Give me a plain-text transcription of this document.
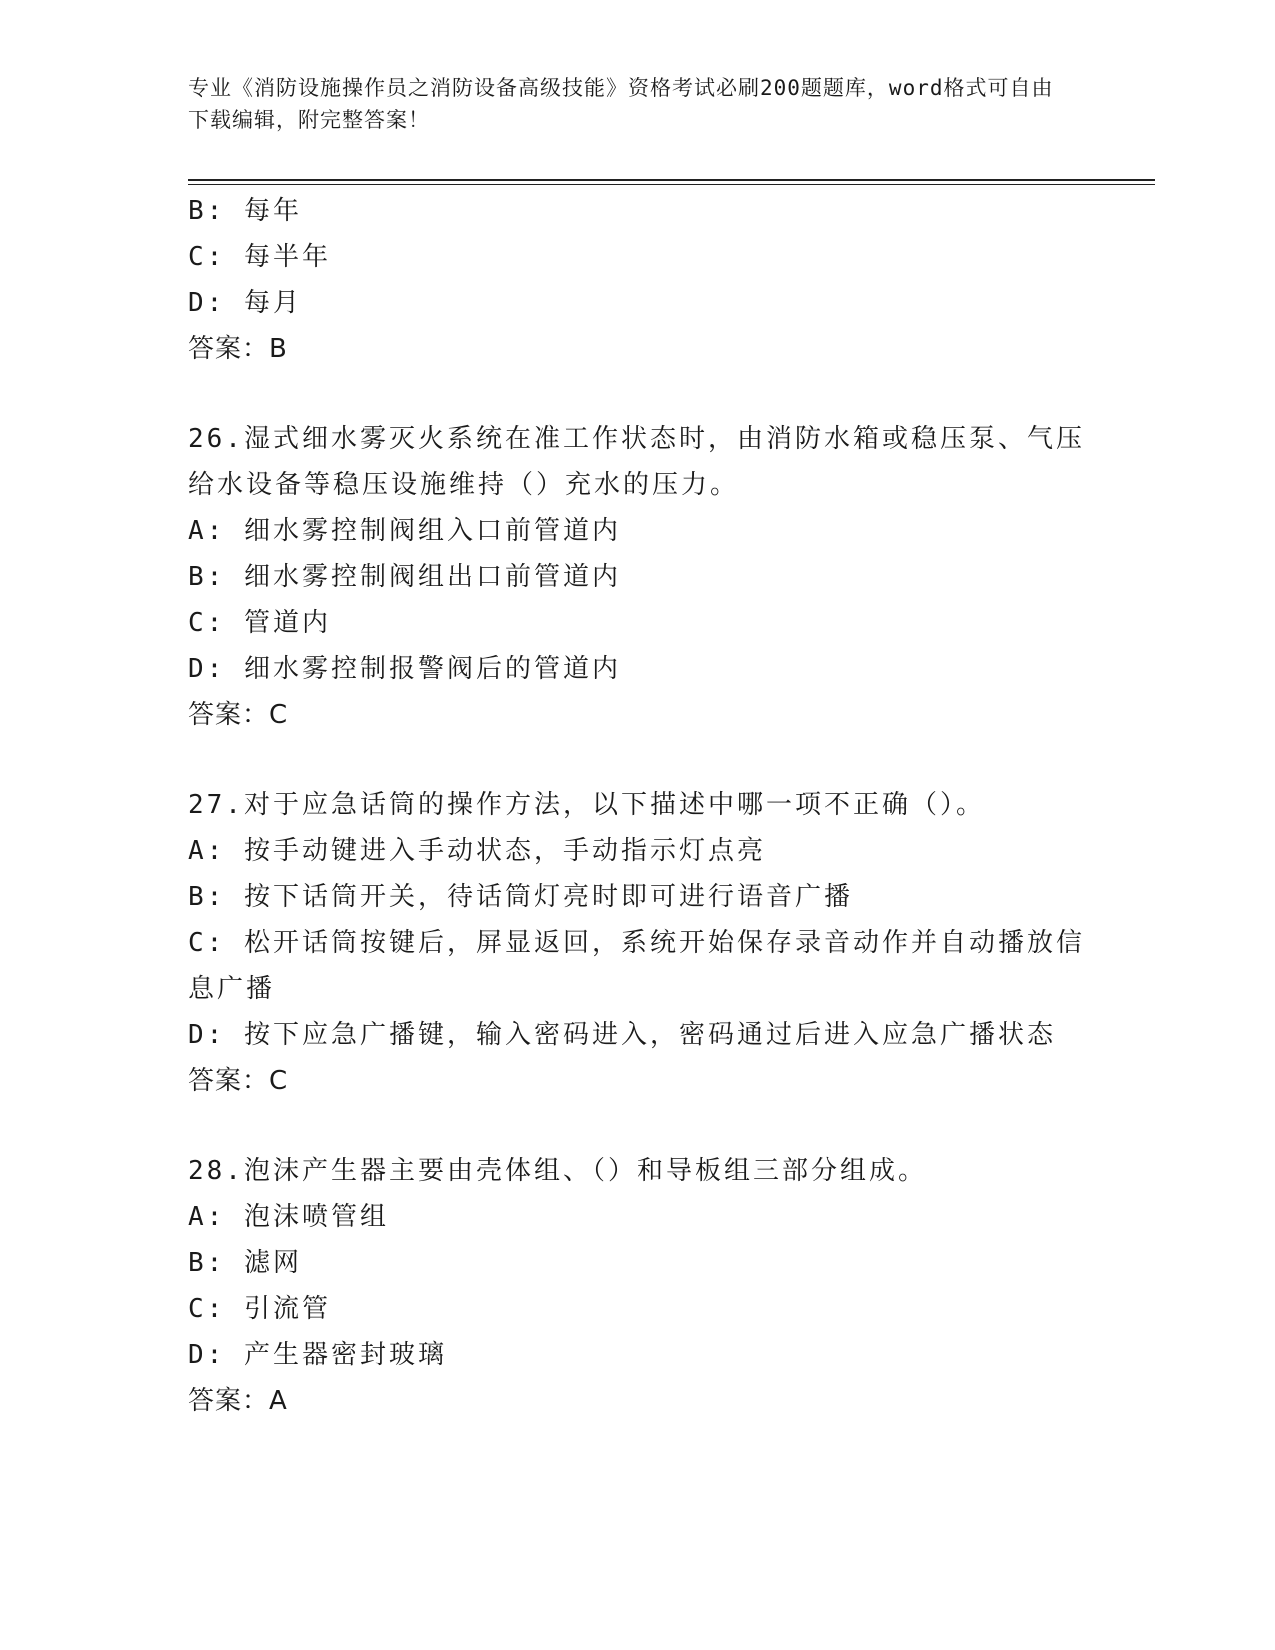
专业《消防设施操作员之消防设备高级技能》资格考试必刷200题题库，word格式可自由下载编辑，附完整答案！

B: 每年
C: 每半年
D: 每月
答案：B
26.湿式细水雾灭火系统在准工作状态时，由消防水箱或稳压泵、气压给水设备等稳压设施维持（）充水的压力。
A: 细水雾控制阀组入口前管道内
B: 细水雾控制阀组出口前管道内
C: 管道内
D: 细水雾控制报警阀后的管道内
答案：C
27.对于应急话筒的操作方法，以下描述中哪一项不正确（）。
A: 按手动键进入手动状态，手动指示灯点亮
B: 按下话筒开关，待话筒灯亮时即可进行语音广播
C: 松开话筒按键后，屏显返回，系统开始保存录音动作并自动播放信息广播
D: 按下应急广播键，输入密码进入，密码通过后进入应急广播状态
答案：C
28.泡沫产生器主要由壳体组、（）和导板组三部分组成。
A: 泡沫喷管组
B: 滤网
C: 引流管
D: 产生器密封玻璃
答案：A
